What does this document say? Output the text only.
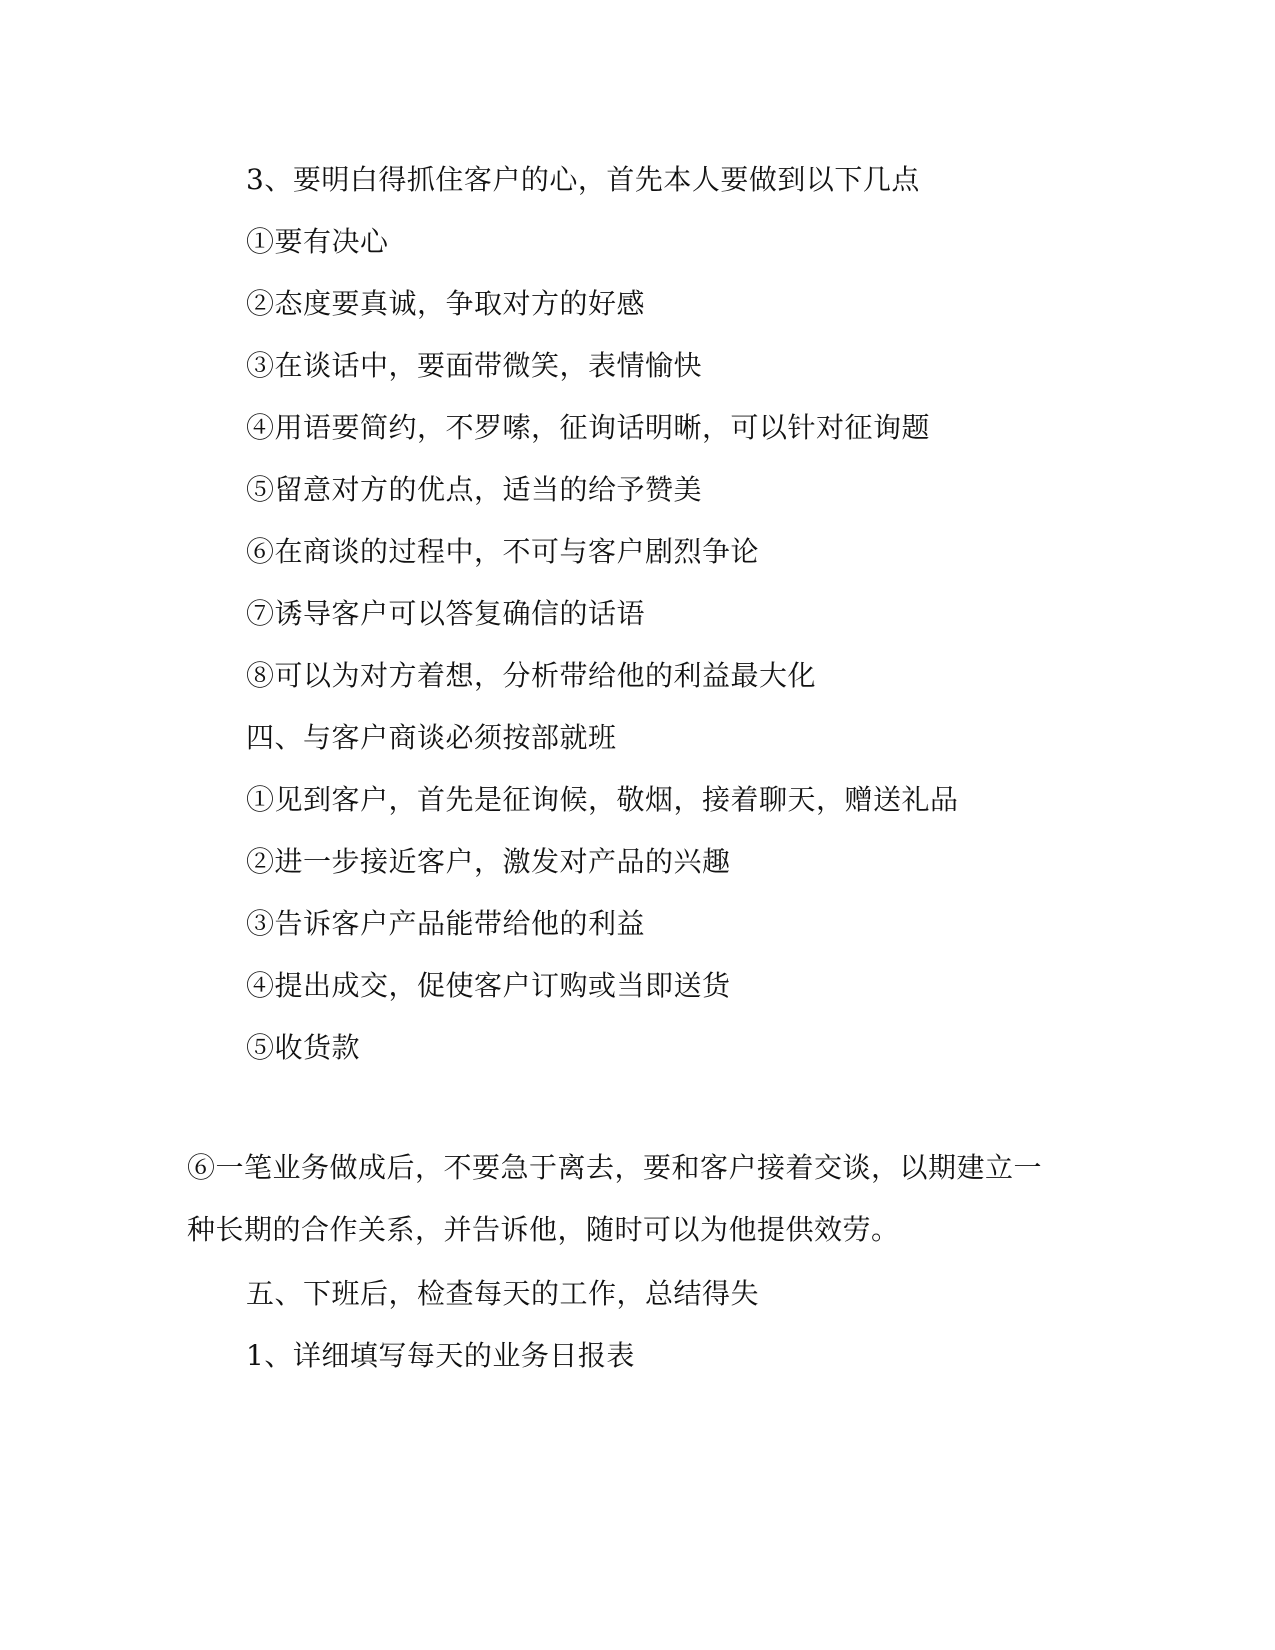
3、要明白得抓住客户的心，首先本人要做到以下几点

①要有决心

②态度要真诚，争取对方的好感

③在谈话中，要面带微笑，表情愉快

④用语要简约，不罗嗦，征询话明晰，可以针对征询题

⑤留意对方的优点，适当的给予赞美

⑥在商谈的过程中，不可与客户剧烈争论

⑦诱导客户可以答复确信的话语

⑧可以为对方着想，分析带给他的利益最大化

四、与客户商谈必须按部就班

①见到客户，首先是征询候，敬烟，接着聊天，赠送礼品

②进一步接近客户，激发对产品的兴趣

③告诉客户产品能带给他的利益

④提出成交，促使客户订购或当即送货

⑤收货款

⑥一笔业务做成后，不要急于离去，要和客户接着交谈，以期建立一

种长期的合作关系，并告诉他，随时可以为他提供效劳。

五、下班后，检查每天的工作，总结得失

1、详细填写每天的业务日报表
